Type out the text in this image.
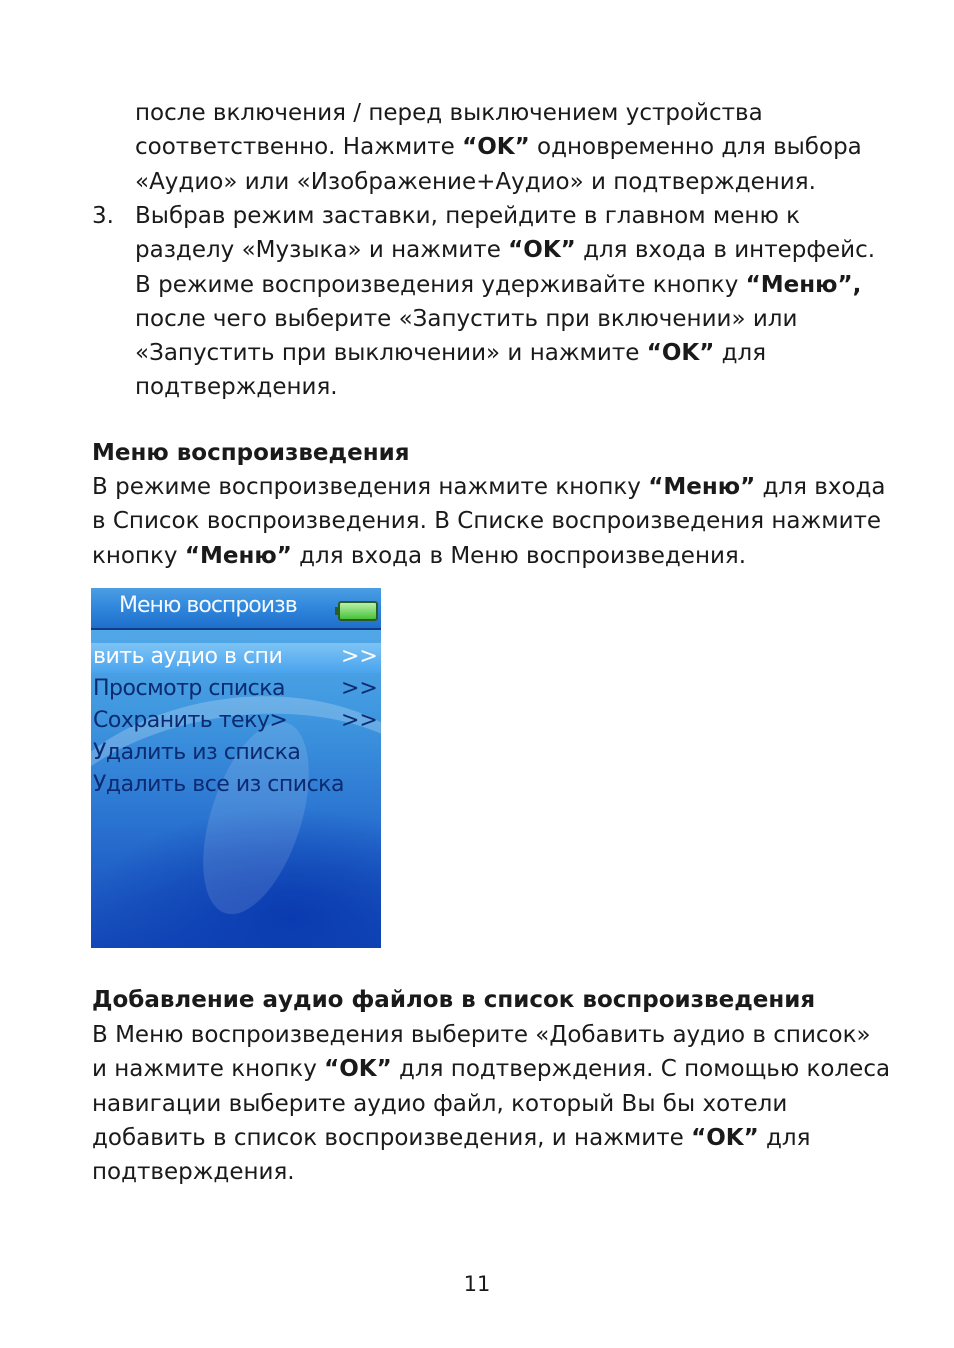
после включения / перед выключением устройства
соответственно. Нажмите “OK” одновременно для выбора
«Аудио» или «Изображение+Аудио» и подтверждения.
3. Выбрав режим заставки, перейдите в главном меню к
разделу «Музыка» и нажмите “OK” для входа в интерфейс.
В режиме воспроизведения удерживайте кнопку “Меню”,
после чего выберите «Запустить при включении» или
«Запустить при выключении» и нажмите “OK” для
подтверждения.
Меню воспроизведения
В режиме воспроизведения нажмите кнопку “Меню” для входа
в Список воспроизведения. В Списке воспроизведения нажмите
кнопку “Меню” для входа в Меню воспроизведения.
Меню воспроизв
вить аудио в спи	>>
Просмотр списка	>>
Сохранить теку> >>
Удалить из списка
Удалить все из списка
Добавление аудио файлов в список воспроизведения
В Меню воспроизведения выберите «Добавить аудио в список»
и нажмите кнопку “OK” для подтверждения. С помощью колеса
навигации выберите аудио файл, который Вы бы хотели
добавить в список воспроизведения, и нажмите “OK” для
подтверждения.
11
